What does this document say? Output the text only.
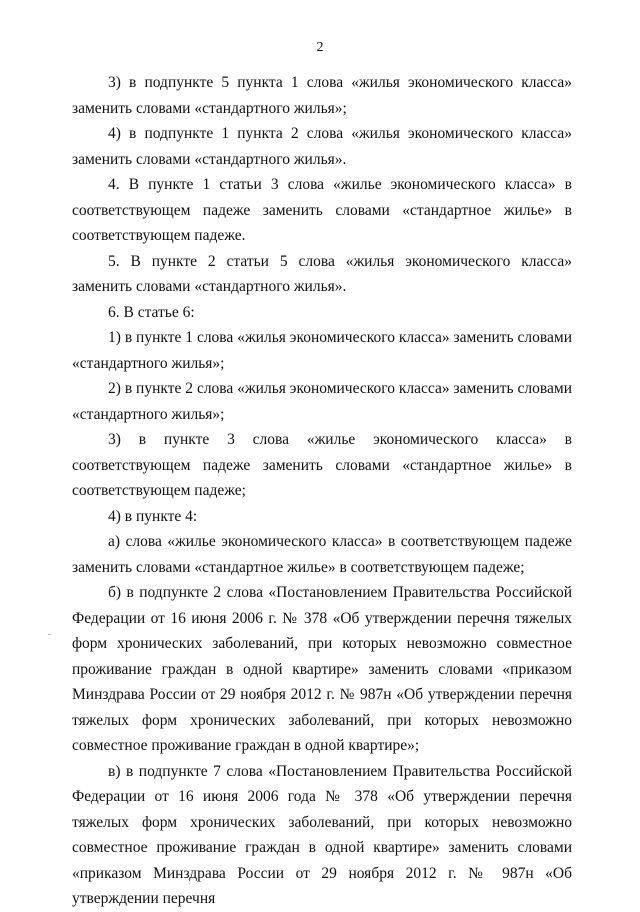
2

3) в подпункте 5 пункта 1 слова «жилья экономического класса» заменить словами «стандартного жилья»;

4) в подпункте 1 пункта 2 слова «жилья экономического класса» заменить словами «стандартного жилья».

4. В пункте 1 статьи 3 слова «жилье экономического класса» в соответствующем падеже заменить словами «стандартное жилье» в соответствующем падеже.

5. В пункте 2 статьи 5 слова «жилья экономического класса» заменить словами «стандартного жилья».

6. В статье 6:

1) в пункте 1 слова «жилья экономического класса» заменить словами «стандартного жилья»;

2) в пункте 2 слова «жилья экономического класса» заменить словами «стандартного жилья»;

3) в пункте 3 слова «жилье экономического класса» в соответствующем падеже заменить словами «стандартное жилье» в соответствующем падеже;

4) в пункте 4:

а) слова «жилье экономического класса» в соответствующем падеже заменить словами «стандартное жилье» в соответствующем падеже;

б) в подпункте 2 слова «Постановлением Правительства Российской Федерации от 16 июня 2006 г. № 378 «Об утверждении перечня тяжелых форм хронических заболеваний, при которых невозможно совместное проживание граждан в одной квартире» заменить словами «приказом Минздрава России от 29 ноября 2012 г. № 987н «Об утверждении перечня тяжелых форм хронических заболеваний, при которых невозможно совместное проживание граждан в одной квартире»;

в) в подпункте 7 слова «Постановлением Правительства Российской Федерации от 16 июня 2006 года № 378 «Об утверждении перечня тяжелых форм хронических заболеваний, при которых невозможно совместное проживание граждан в одной квартире» заменить словами «приказом Минздрава России от 29 ноября 2012 г. № 987н «Об утверждении перечня
